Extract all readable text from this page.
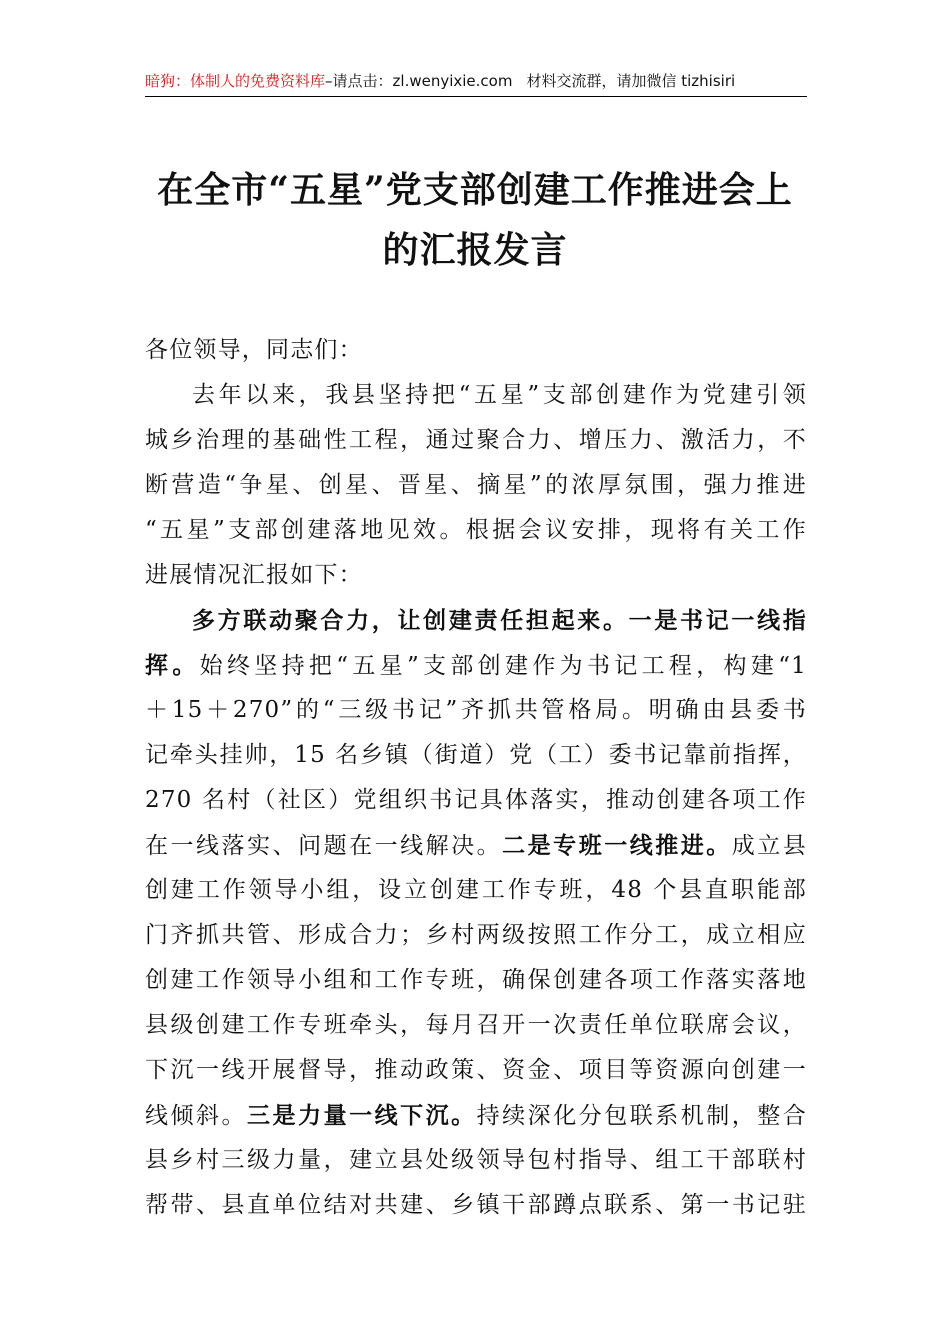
暗狗：体制人的免费资料库–请点击：zl.wenyixie.com 材料交流群，请加微信 tizhisiri
在全市“五星”党支部创建工作推进会上
的汇报发言
各位领导，同志们：
去年以来，我县坚持把“五星”支部创建作为党建引领
城乡治理的基础性工程，通过聚合力、增压力、激活力，不
断营造“争星、创星、晋星、摘星”的浓厚氛围，强力推进
“五星”支部创建落地见效。根据会议安排，现将有关工作
进展情况汇报如下：
多方联动聚合力，让创建责任担起来。一是书记一线指
挥。始终坚持把“五星”支部创建作为书记工程，构建“1
＋15＋270”的“三级书记”齐抓共管格局。明确由县委书
记牵头挂帅，15 名乡镇（街道）党（工）委书记靠前指挥，
270 名村（社区）党组织书记具体落实，推动创建各项工作
在一线落实、问题在一线解决。二是专班一线推进。成立县
创建工作领导小组，设立创建工作专班，48 个县直职能部
门齐抓共管、形成合力；乡村两级按照工作分工，成立相应
创建工作领导小组和工作专班，确保创建各项工作落实落地
县级创建工作专班牵头，每月召开一次责任单位联席会议，
下沉一线开展督导，推动政策、资金、项目等资源向创建一
线倾斜。三是力量一线下沉。持续深化分包联系机制，整合
县乡村三级力量，建立县处级领导包村指导、组工干部联村
帮带、县直单位结对共建、乡镇干部蹲点联系、第一书记驻
